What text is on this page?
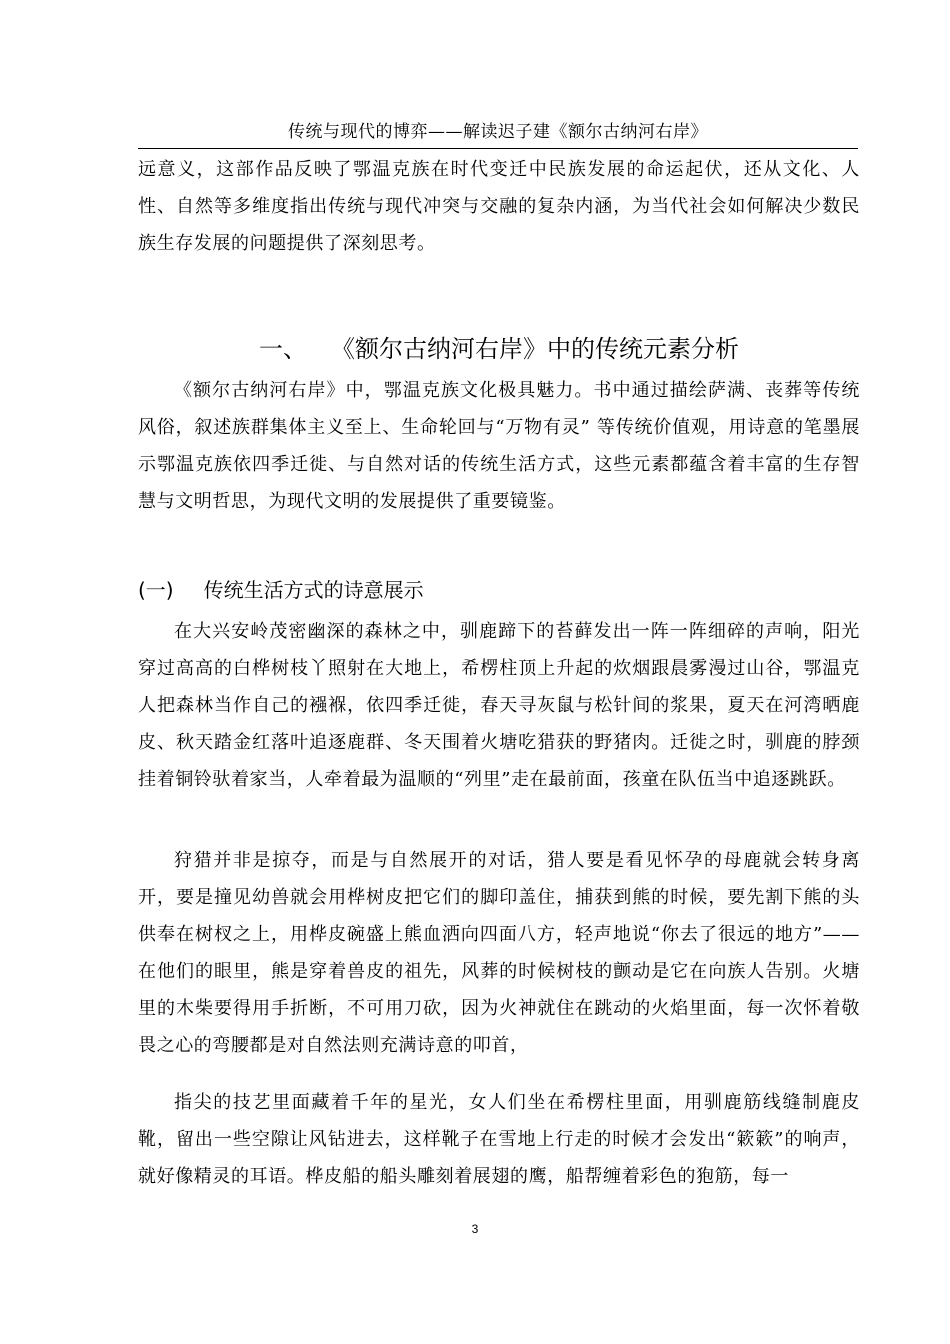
传统与现代的博弈——解读迟子建《额尔古纳河右岸》

远意义，这部作品反映了鄂温克族在时代变迁中民族发展的命运起伏，还从文化、人性、自然等多维度指出传统与现代冲突与交融的复杂内涵，为当代社会如何解决少数民族生存发展的问题提供了深刻思考。

一、 《额尔古纳河右岸》中的传统元素分析

《额尔古纳河右岸》中，鄂温克族文化极具魅力。书中通过描绘萨满、丧葬等传统风俗，叙述族群集体主义至上、生命轮回与“万物有灵” 等传统价值观，用诗意的笔墨展示鄂温克族依四季迁徙、与自然对话的传统生活方式，这些元素都蕴含着丰富的生存智慧与文明哲思，为现代文明的发展提供了重要镜鉴。

(一) 传统生活方式的诗意展示

在大兴安岭茂密幽深的森林之中，驯鹿蹄下的苔藓发出一阵一阵细碎的声响，阳光穿过高高的白桦树枝丫照射在大地上，希楞柱顶上升起的炊烟跟晨雾漫过山谷，鄂温克人把森林当作自己的襁褓，依四季迁徙，春天寻灰鼠与松针间的浆果，夏天在河湾晒鹿皮、秋天踏金红落叶追逐鹿群、冬天围着火塘吃猎获的野猪肉。迁徙之时，驯鹿的脖颈挂着铜铃驮着家当，人牵着最为温顺的“列里”走在最前面，孩童在队伍当中追逐跳跃。

狩猎并非是掠夺，而是与自然展开的对话，猎人要是看见怀孕的母鹿就会转身离开，要是撞见幼兽就会用桦树皮把它们的脚印盖住，捕获到熊的时候，要先割下熊的头供奉在树杈之上，用桦皮碗盛上熊血洒向四面八方，轻声地说“你去了很远的地方”——在他们的眼里，熊是穿着兽皮的祖先，风葬的时候树枝的颤动是它在向族人告别。火塘里的木柴要得用手折断，不可用刀砍，因为火神就住在跳动的火焰里面，每一次怀着敬畏之心的弯腰都是对自然法则充满诗意的叩首，

指尖的技艺里面藏着千年的星光，女人们坐在希楞柱里面，用驯鹿筋线缝制鹿皮靴，留出一些空隙让风钻进去，这样靴子在雪地上行走的时候才会发出“簌簌”的响声，就好像精灵的耳语。桦皮船的船头雕刻着展翅的鹰，船帮缠着彩色的狍筋，每一

3
